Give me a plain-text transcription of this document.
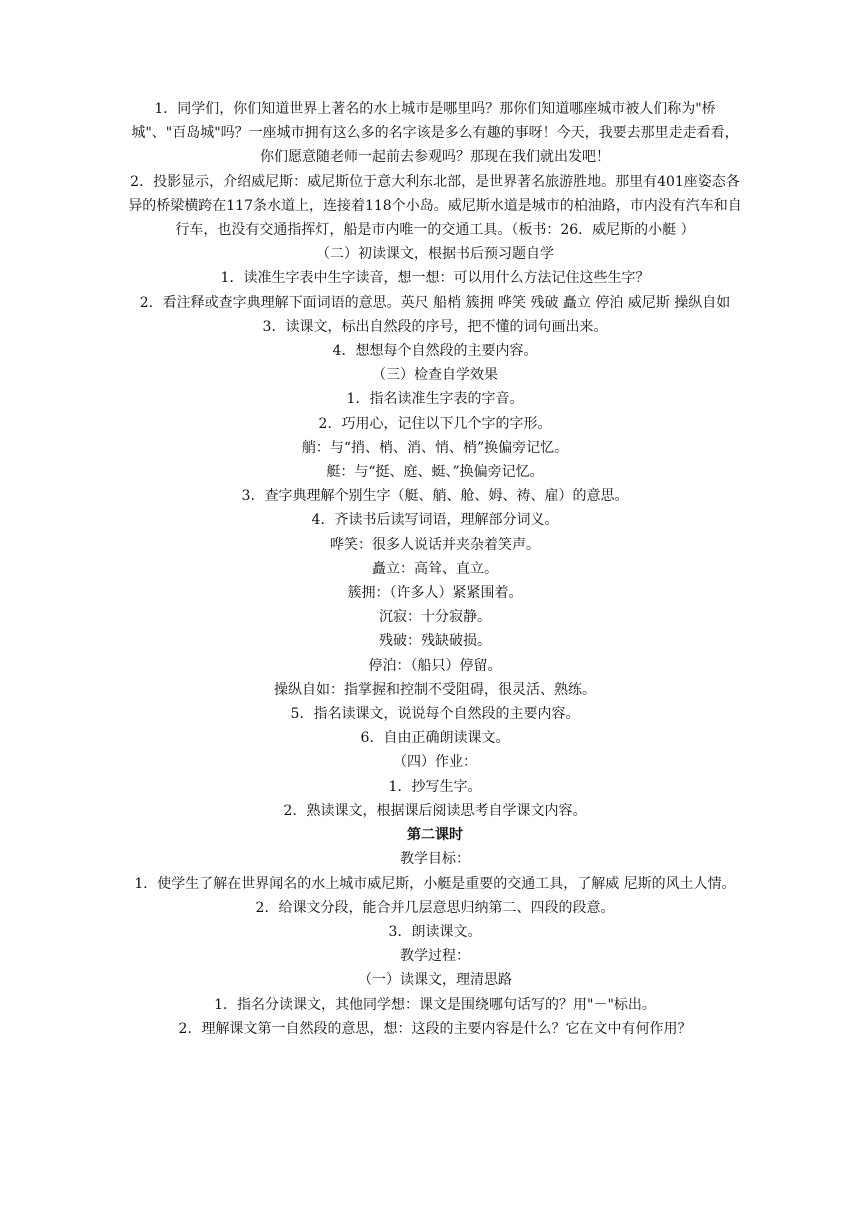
1．同学们，你们知道世界上著名的水上城市是哪里吗？那你们知道哪座城市被人们称为"桥城"、"百岛城"吗？一座城市拥有这么多的名字该是多么有趣的事呀！今天，我要去那里走走看看，你们愿意随老师一起前去参观吗？那现在我们就出发吧！

2．投影显示，介绍威尼斯：威尼斯位于意大利东北部，是世界著名旅游胜地。那里有401座姿态各异的桥梁横跨在117条水道上，连接着118个小岛。威尼斯水道是城市的柏油路，市内没有汽车和自行车，也没有交通指挥灯，船是市内唯一的交通工具。（板书：26．威尼斯的小艇 ）

（二）初读课文，根据书后预习题自学

1．读准生字表中生字读音，想一想：可以用什么方法记住这些生字？

2．看注释或查字典理解下面词语的意思。英尺 船梢 簇拥 哗笑 残破 矗立 停泊 威尼斯 操纵自如

3．读课文，标出自然段的序号，把不懂的词句画出来。

4．想想每个自然段的主要内容。

（三）检查自学效果

1．指名读准生字表的字音。

2．巧用心，记住以下几个字的字形。

艄：与“捎、梢、消、悄、梢”换偏旁记忆。

艇：与“挺、庭、蜓、”换偏旁记忆。

3．查字典理解个别生字（艇、艄、舱、姆、祷、雇）的意思。

4．齐读书后读写词语，理解部分词义。

哗笑：很多人说话并夹杂着笑声。

矗立：高耸、直立。

簇拥：（许多人）紧紧围着。

沉寂：十分寂静。

残破：残缺破损。

停泊：（船只）停留。

操纵自如：指掌握和控制不受阻碍，很灵活、熟练。

5．指名读课文，说说每个自然段的主要内容。

6．自由正确朗读课文。

（四）作业：

1．抄写生字。

2．熟读课文，根据课后阅读思考自学课文内容。

第二课时

教学目标：

1．使学生了解在世界闻名的水上城市威尼斯，小艇是重要的交通工具，了解威 尼斯的风土人情。

2．给课文分段，能合并几层意思归纳第二、四段的段意。

3．朗读课文。

教学过程：

（一）读课文，理清思路

1．指名分读课文，其他同学想：课文是围绕哪句话写的？用"－"标出。

2．理解课文第一自然段的意思，想：这段的主要内容是什么？它在文中有何作用？
